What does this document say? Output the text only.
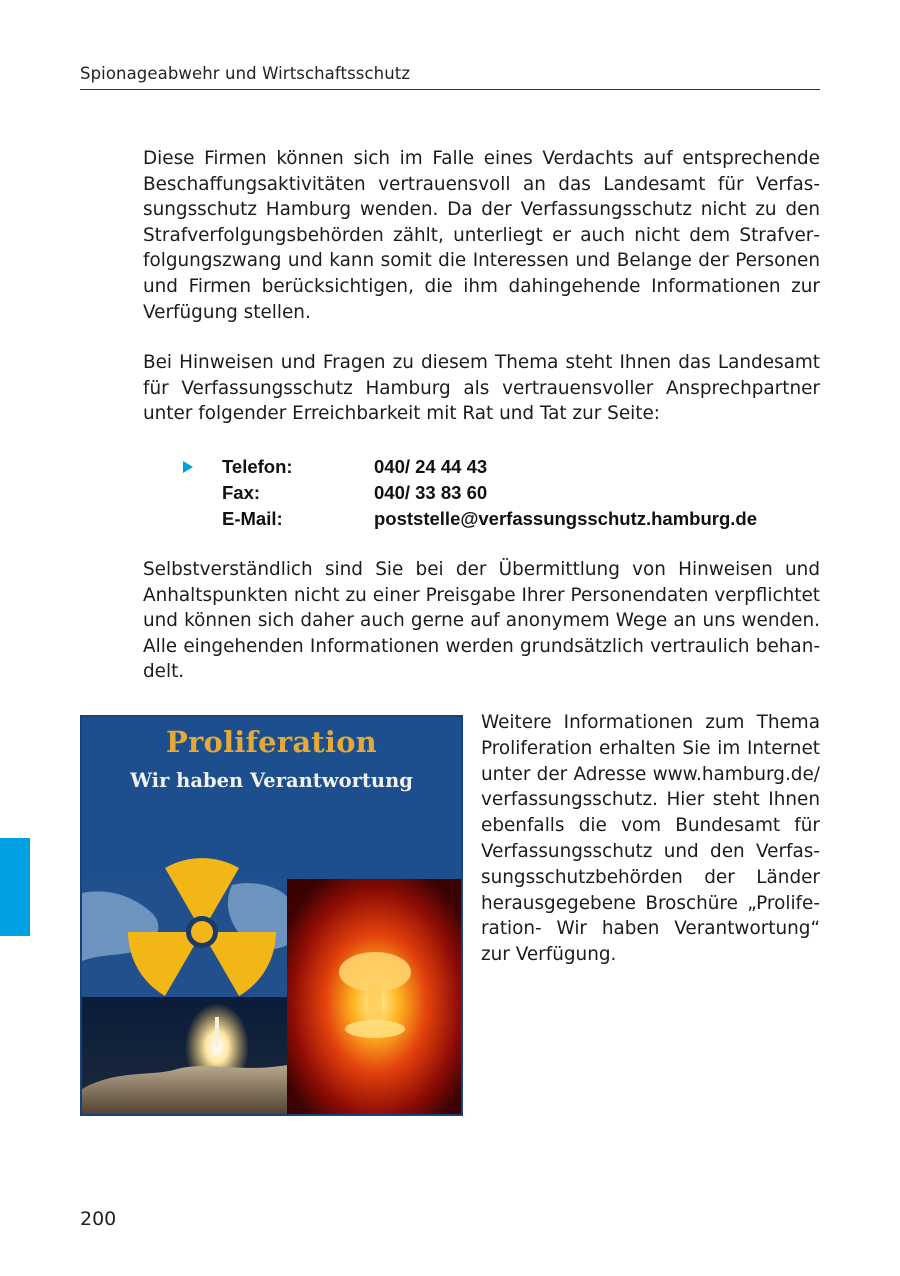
Spionageabwehr und Wirtschaftsschutz

Diese Firmen können sich im Falle eines Verdachts auf entsprechende Beschaffungsaktivitäten vertrauensvoll an das Landesamt für Verfassungsschutz Hamburg wenden. Da der Verfassungsschutz nicht zu den Strafverfolgungsbehörden zählt, unterliegt er auch nicht dem Strafverfolgungszwang und kann somit die Interessen und Belange der Personen und Firmen berücksichtigen, die ihm dahingehende Informationen zur Verfügung stellen.

Bei Hinweisen und Fragen zu diesem Thema steht Ihnen das Landesamt für Verfassungsschutz Hamburg als vertrauensvoller Ansprechpartner unter folgender Erreichbarkeit mit Rat und Tat zur Seite:

Telefon:	040/ 24 44 43
Fax:	040/ 33 83 60
E-Mail:	poststelle@verfassungsschutz.hamburg.de

Selbstverständlich sind Sie bei der Übermittlung von Hinweisen und Anhaltspunkten nicht zu einer Preisgabe Ihrer Personendaten verpflichtet und können sich daher auch gerne auf anonymem Wege an uns wenden. Alle eingehenden Informationen werden grundsätzlich vertraulich behandelt.

Proliferation
Wir haben Verantwortung

Weitere Informationen zum Thema Proliferation erhalten Sie im Internet unter der Adresse www.hamburg.de/ verfassungsschutz. Hier steht Ihnen ebenfalls die vom Bundesamt für Verfassungsschutz und den Verfassungsschutzbehörden der Länder herausgegebene Broschüre „Proliferation- Wir haben Verantwortung“ zur Verfügung.

200
